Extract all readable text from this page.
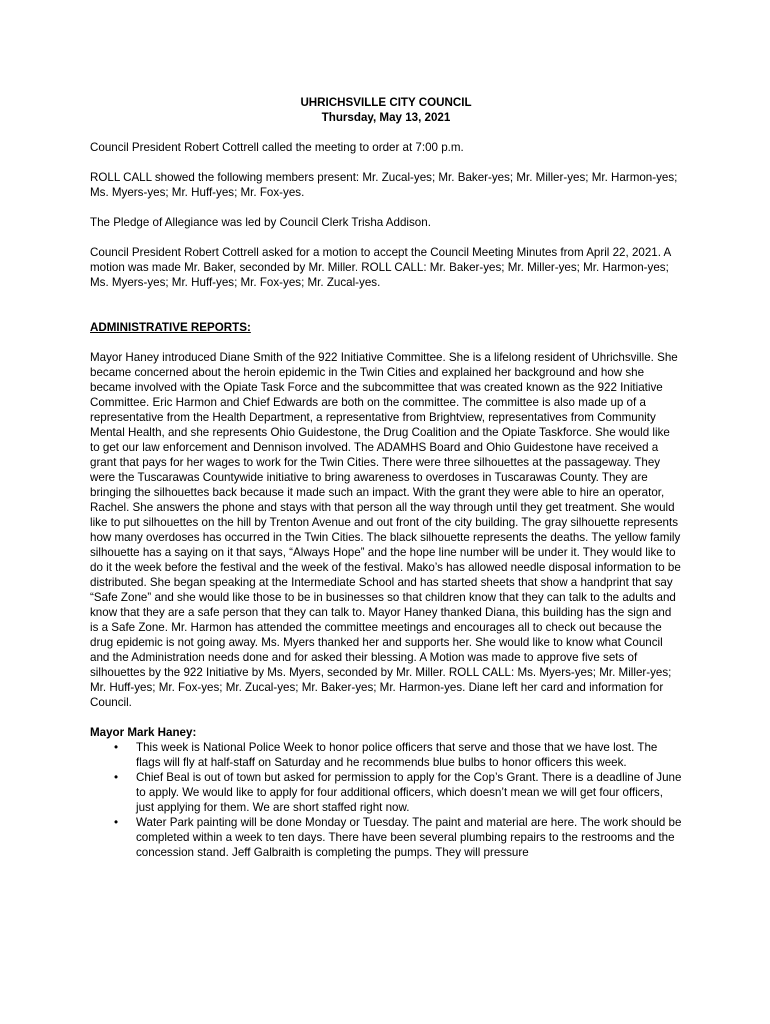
UHRICHSVILLE CITY COUNCIL

Thursday, May 13, 2021

Council President Robert Cottrell called the meeting to order at 7:00 p.m.

ROLL CALL showed the following members present: Mr. Zucal-yes; Mr. Baker-yes; Mr. Miller-yes; Mr. Harmon-yes; Ms. Myers-yes; Mr. Huff-yes; Mr. Fox-yes.

The Pledge of Allegiance was led by Council Clerk Trisha Addison.

Council President Robert Cottrell asked for a motion to accept the Council Meeting Minutes from April 22, 2021. A motion was made Mr. Baker, seconded by Mr. Miller. ROLL CALL: Mr. Baker-yes; Mr. Miller-yes; Mr. Harmon-yes; Ms. Myers-yes; Mr. Huff-yes; Mr. Fox-yes; Mr. Zucal-yes.

ADMINISTRATIVE REPORTS:

Mayor Haney introduced Diane Smith of the 922 Initiative Committee. She is a lifelong resident of Uhrichsville. She became concerned about the heroin epidemic in the Twin Cities and explained her background and how she became involved with the Opiate Task Force and the subcommittee that was created known as the 922 Initiative Committee. Eric Harmon and Chief Edwards are both on the committee. The committee is also made up of a representative from the Health Department, a representative from Brightview, representatives from Community Mental Health, and she represents Ohio Guidestone, the Drug Coalition and the Opiate Taskforce. She would like to get our law enforcement and Dennison involved. The ADAMHS Board and Ohio Guidestone have received a grant that pays for her wages to work for the Twin Cities. There were three silhouettes at the passageway. They were the Tuscarawas Countywide initiative to bring awareness to overdoses in Tuscarawas County. They are bringing the silhouettes back because it made such an impact. With the grant they were able to hire an operator, Rachel. She answers the phone and stays with that person all the way through until they get treatment. She would like to put silhouettes on the hill by Trenton Avenue and out front of the city building. The gray silhouette represents how many overdoses has occurred in the Twin Cities. The black silhouette represents the deaths. The yellow family silhouette has a saying on it that says, “Always Hope” and the hope line number will be under it. They would like to do it the week before the festival and the week of the festival. Mako’s has allowed needle disposal information to be distributed. She began speaking at the Intermediate School and has started sheets that show a handprint that say “Safe Zone” and she would like those to be in businesses so that children know that they can talk to the adults and know that they are a safe person that they can talk to. Mayor Haney thanked Diana, this building has the sign and is a Safe Zone. Mr. Harmon has attended the committee meetings and encourages all to check out because the drug epidemic is not going away. Ms. Myers thanked her and supports her. She would like to know what Council and the Administration needs done and for asked their blessing. A Motion was made to approve five sets of silhouettes by the 922 Initiative by Ms. Myers, seconded by Mr. Miller. ROLL CALL: Ms. Myers-yes; Mr. Miller-yes; Mr. Huff-yes; Mr. Fox-yes; Mr. Zucal-yes; Mr. Baker-yes; Mr. Harmon-yes. Diane left her card and information for Council.

Mayor Mark Haney:

• This week is National Police Week to honor police officers that serve and those that we have lost. The flags will fly at half-staff on Saturday and he recommends blue bulbs to honor officers this week.
• Chief Beal is out of town but asked for permission to apply for the Cop’s Grant. There is a deadline of June to apply. We would like to apply for four additional officers, which doesn’t mean we will get four officers, just applying for them. We are short staffed right now.
• Water Park painting will be done Monday or Tuesday. The paint and material are here. The work should be completed within a week to ten days. There have been several plumbing repairs to the restrooms and the concession stand. Jeff Galbraith is completing the pumps. They will pressure
